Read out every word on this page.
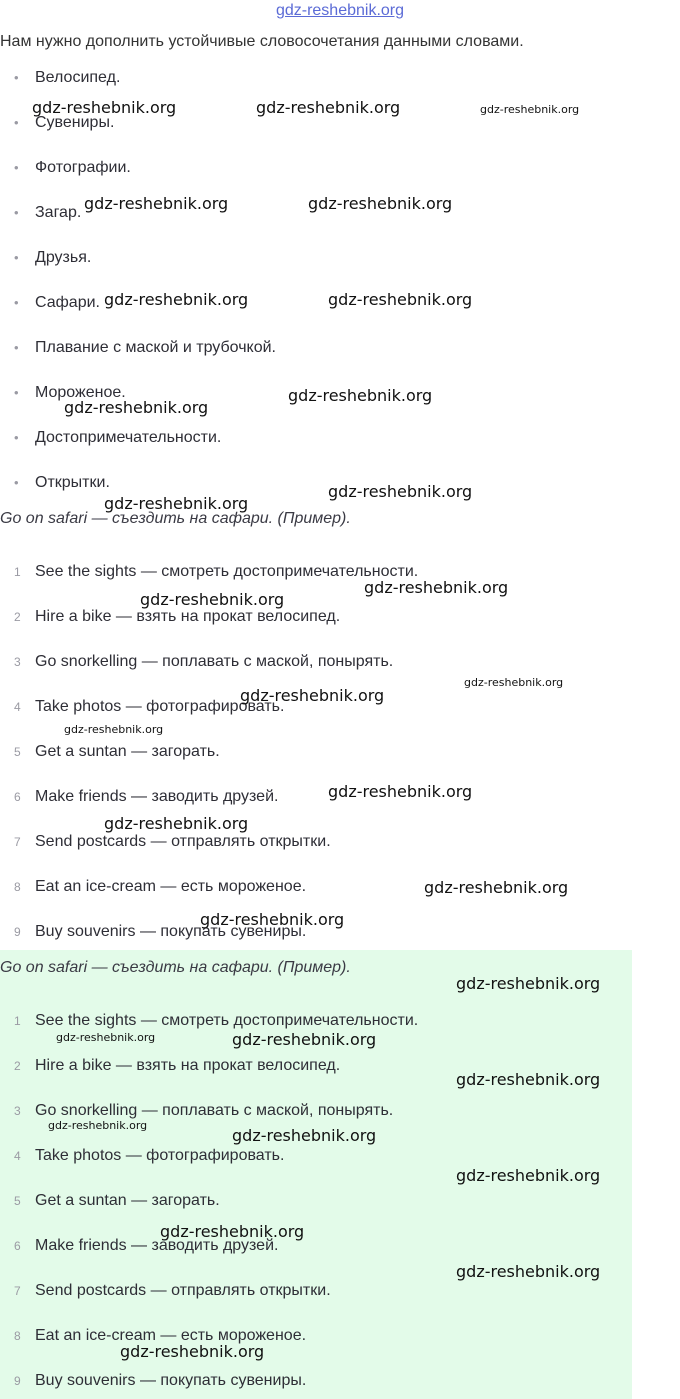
gdz-reshebnik.org
Нам нужно дополнить устойчивые словосочетания данными словами.
• Велосипед.
• Сувениры.
• Фотографии.
• Загар.
• Друзья.
• Сафари.
• Плавание с маской и трубочкой.
• Мороженое.
• Достопримечательности.
• Открытки.
Go on safari — съездить на сафари. (Пример).
1 See the sights — смотреть достопримечательности.
2 Hire a bike — взять на прокат велосипед.
3 Go snorkelling — поплавать с маской, понырять.
4 Take photos — фотографировать.
5 Get a suntan — загорать.
6 Make friends — заводить друзей.
7 Send postcards — отправлять открытки.
8 Eat an ice-cream — есть мороженое.
9 Buy souvenirs — покупать сувениры.
Go on safari — съездить на сафари. (Пример).
1 See the sights — смотреть достопримечательности.
2 Hire a bike — взять на прокат велосипед.
3 Go snorkelling — поплавать с маской, понырять.
4 Take photos — фотографировать.
5 Get a suntan — загорать.
6 Make friends — заводить друзей.
7 Send postcards — отправлять открытки.
8 Eat an ice-cream — есть мороженое.
9 Buy souvenirs — покупать сувениры.
gdz-reshebnik.org	gdz-reshebnik.org	gdz-reshebnik.org
gdz-reshebnik.org	gdz-reshebnik.org
gdz-reshebnik.org	gdz-reshebnik.org
gdz-reshebnik.org
gdz-reshebnik.org
gdz-reshebnik.org
gdz-reshebnik.org
gdz-reshebnik.org
gdz-reshebnik.org
gdz-reshebnik.org
gdz-reshebnik.org
gdz-reshebnik.org
gdz-reshebnik.org
gdz-reshebnik.org
gdz-reshebnik.org
gdz-reshebnik.org
gdz-reshebnik.org
gdz-reshebnik.org	gdz-reshebnik.org
gdz-reshebnik.org
gdz-reshebnik.org
gdz-reshebnik.org
gdz-reshebnik.org
gdz-reshebnik.org
gdz-reshebnik.org
gdz-reshebnik.org
